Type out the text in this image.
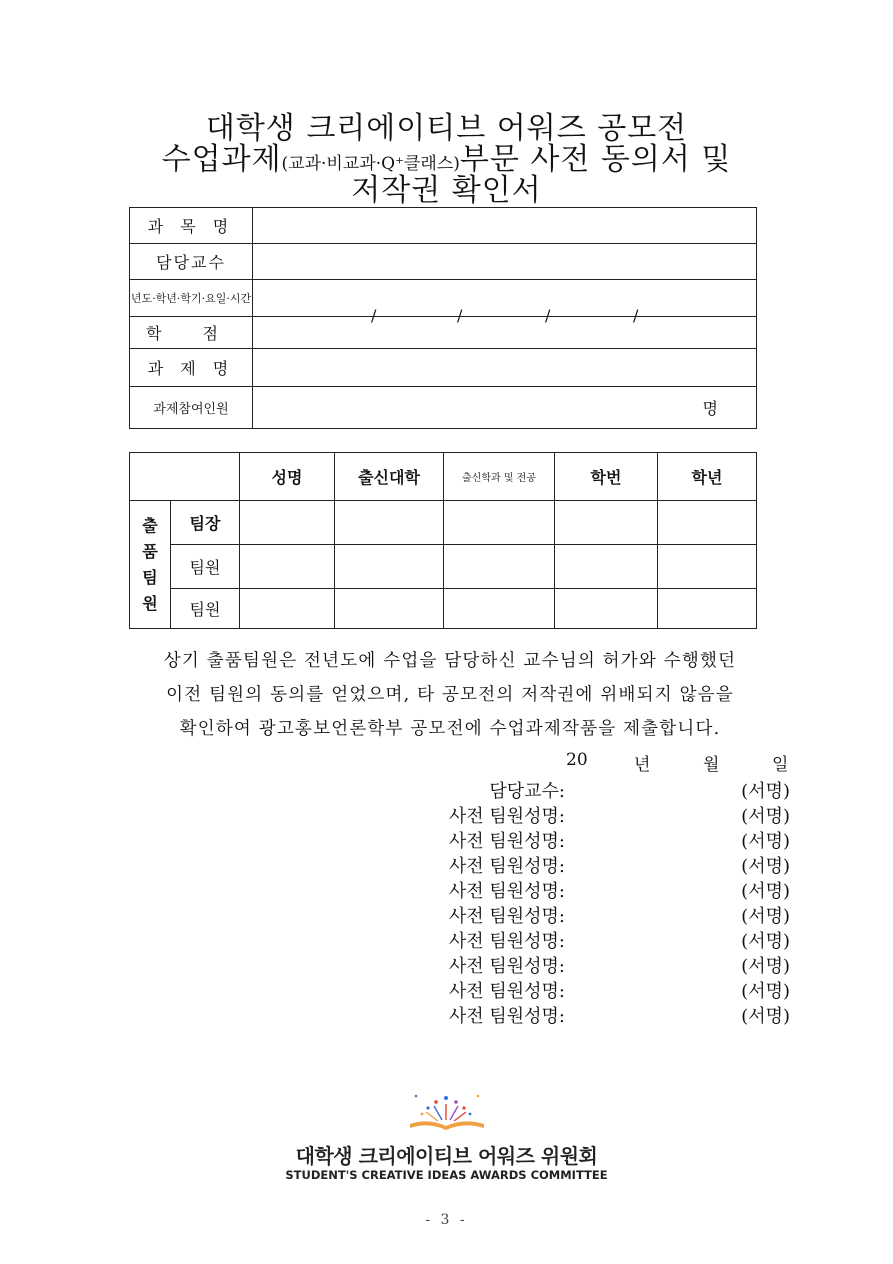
대학생 크리에이티브 어워즈 공모전
수업과제(교과·비교과·Q⁺클래스)부문 사전 동의서 및
저작권 확인서
과 목 명	
담당교수	
년도·학년·학기·요일·시간	/ / / /

학 점	
과 제 명	
과제참여인원	명
		성명	출신대학	출신학과 및 전공	학번	학년

출
품
팀
원	팀장					
	팀원					
	팀원					
상기 출품팀원은 전년도에 수업을 담당하신 교수님의 허가와 수행했던
이전 팀원의 동의를 얻었으며, 타 공모전의 저작권에 위배되지 않음을
확인하여 광고홍보언론학부 공모전에 수업과제작품을 제출합니다.
20	년	월	일
담당교수:	(서명)
사전 팀원성명:	(서명)
사전 팀원성명:	(서명)
사전 팀원성명:	(서명)
사전 팀원성명:	(서명)
사전 팀원성명:	(서명)
사전 팀원성명:	(서명)
사전 팀원성명:	(서명)
사전 팀원성명:	(서명)
사전 팀원성명:	(서명)
대학생 크리에이티브 어워즈 위원회
STUDENT'S CREATIVE IDEAS AWARDS COMMITTEE
- 3 -
